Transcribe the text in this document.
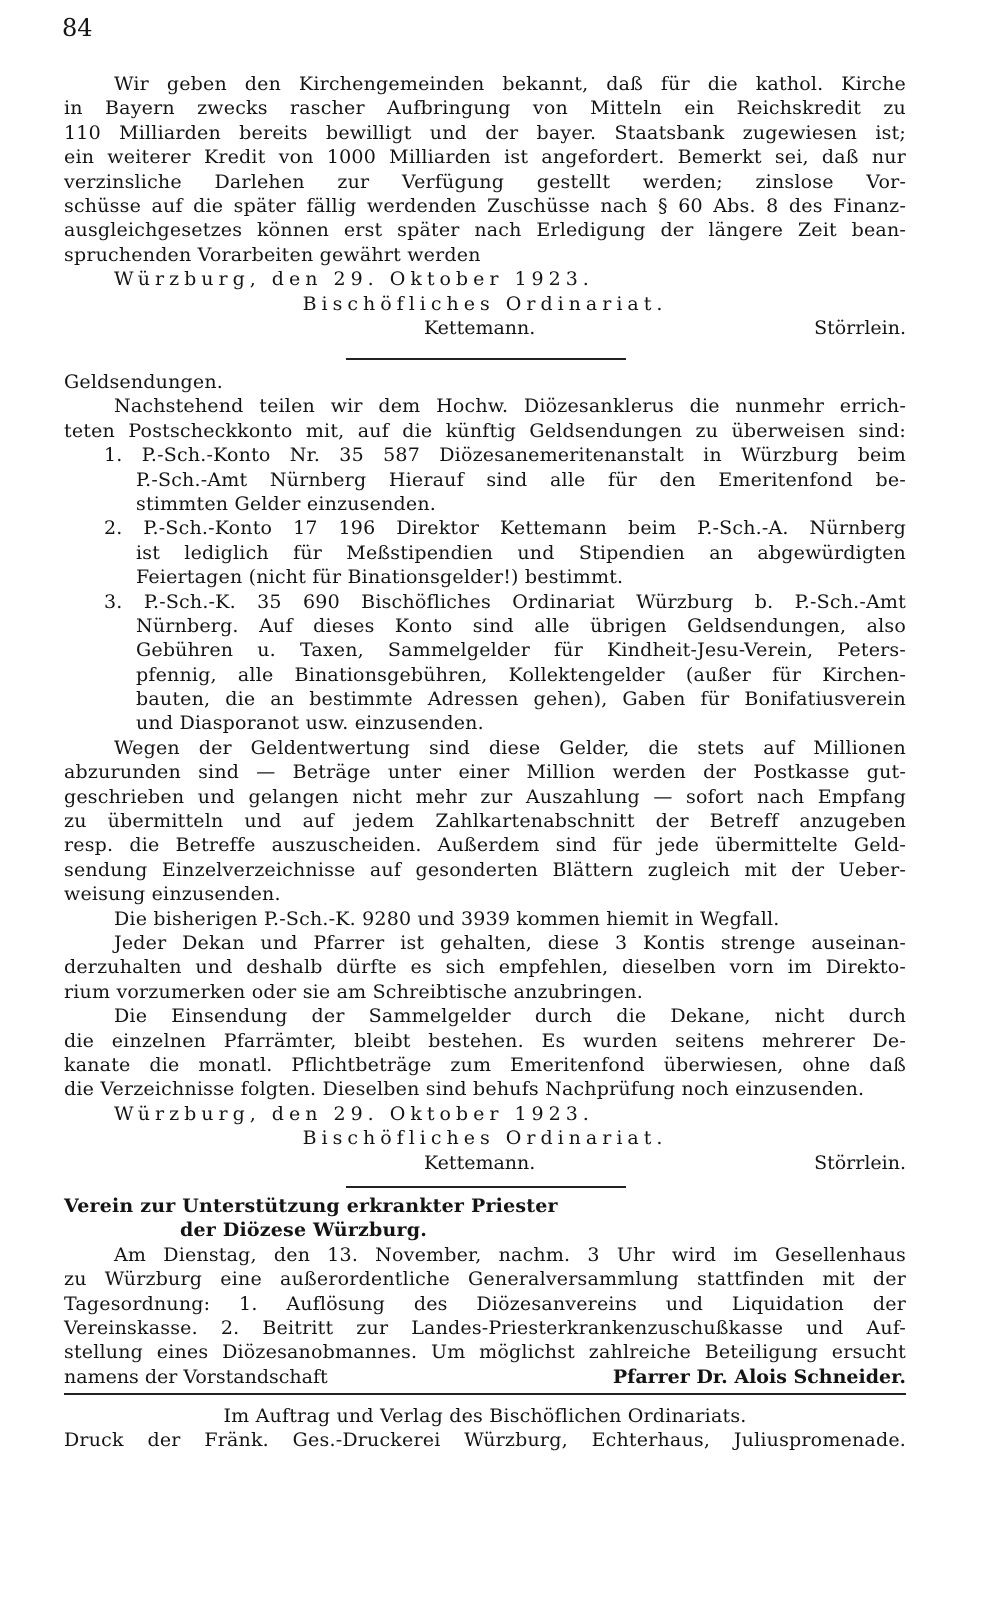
84
Wir geben den Kirchengemeinden bekannt, daß für die kathol. Kirche
in Bayern zwecks rascher Aufbringung von Mitteln ein Reichskredit zu
110 Milliarden bereits bewilligt und der bayer. Staatsbank zugewiesen ist;
ein weiterer Kredit von 1000 Milliarden ist angefordert. Bemerkt sei, daß nur
verzinsliche Darlehen zur Verfügung gestellt werden; zinslose Vor-
schüsse auf die später fällig werdenden Zuschüsse nach § 60 Abs. 8 des Finanz-
ausgleichgesetzes können erst später nach Erledigung der längere Zeit bean-
spruchenden Vorarbeiten gewährt werden
Würzburg, den 29. Oktober 1923.
Bischöfliches Ordinariat.
Kettemann.	Störrlein.
Geldsendungen.
Nachstehend teilen wir dem Hochw. Diözesanklerus die nunmehr errich-
teten Postscheckkonto mit, auf die künftig Geldsendungen zu überweisen sind:
1. P.-Sch.-Konto Nr. 35 587 Diözesanemeritenanstalt in Würzburg beim
P.-Sch.-Amt Nürnberg Hierauf sind alle für den Emeritenfond be-
stimmten Gelder einzusenden.
2. P.-Sch.-Konto 17 196 Direktor Kettemann beim P.-Sch.-A. Nürnberg
ist lediglich für Meßstipendien und Stipendien an abgewürdigten
Feiertagen (nicht für Binationsgelder!) bestimmt.
3. P.-Sch.-K. 35 690 Bischöfliches Ordinariat Würzburg b. P.-Sch.-Amt
Nürnberg. Auf dieses Konto sind alle übrigen Geldsendungen, also
Gebühren u. Taxen, Sammelgelder für Kindheit-Jesu-Verein, Peters-
pfennig, alle Binationsgebühren, Kollektengelder (außer für Kirchen-
bauten, die an bestimmte Adressen gehen), Gaben für Bonifatiusverein
und Diasporanot usw. einzusenden.
Wegen der Geldentwertung sind diese Gelder, die stets auf Millionen
abzurunden sind — Beträge unter einer Million werden der Postkasse gut-
geschrieben und gelangen nicht mehr zur Auszahlung — sofort nach Empfang
zu übermitteln und auf jedem Zahlkartenabschnitt der Betreff anzugeben
resp. die Betreffe auszuscheiden. Außerdem sind für jede übermittelte Geld-
sendung Einzelverzeichnisse auf gesonderten Blättern zugleich mit der Ueber-
weisung einzusenden.
Die bisherigen P.-Sch.-K. 9280 und 3939 kommen hiemit in Wegfall.
Jeder Dekan und Pfarrer ist gehalten, diese 3 Kontis strenge auseinan-
derzuhalten und deshalb dürfte es sich empfehlen, dieselben vorn im Direkto-
rium vorzumerken oder sie am Schreibtische anzubringen.
Die Einsendung der Sammelgelder durch die Dekane, nicht durch
die einzelnen Pfarrämter, bleibt bestehen. Es wurden seitens mehrerer De-
kanate die monatl. Pflichtbeträge zum Emeritenfond überwiesen, ohne daß
die Verzeichnisse folgten. Dieselben sind behufs Nachprüfung noch einzusenden.
Würzburg, den 29. Oktober 1923.
Bischöfliches Ordinariat.
Kettemann.	Störrlein.
Verein zur Unterstützung erkrankter Priester
der Diözese Würzburg.
Am Dienstag, den 13. November, nachm. 3 Uhr wird im Gesellenhaus
zu Würzburg eine außerordentliche Generalversammlung stattfinden mit der
Tagesordnung: 1. Auflösung des Diözesanvereins und Liquidation der
Vereinskasse. 2. Beitritt zur Landes-Priesterkrankenzuschußkasse und Auf-
stellung eines Diözesanobmannes. Um möglichst zahlreiche Beteiligung ersucht
namens der Vorstandschaft	Pfarrer Dr. Alois Schneider.
Im Auftrag und Verlag des Bischöflichen Ordinariats.
Druck der Fränk. Ges.-Druckerei Würzburg, Echterhaus, Juliuspromenade.
